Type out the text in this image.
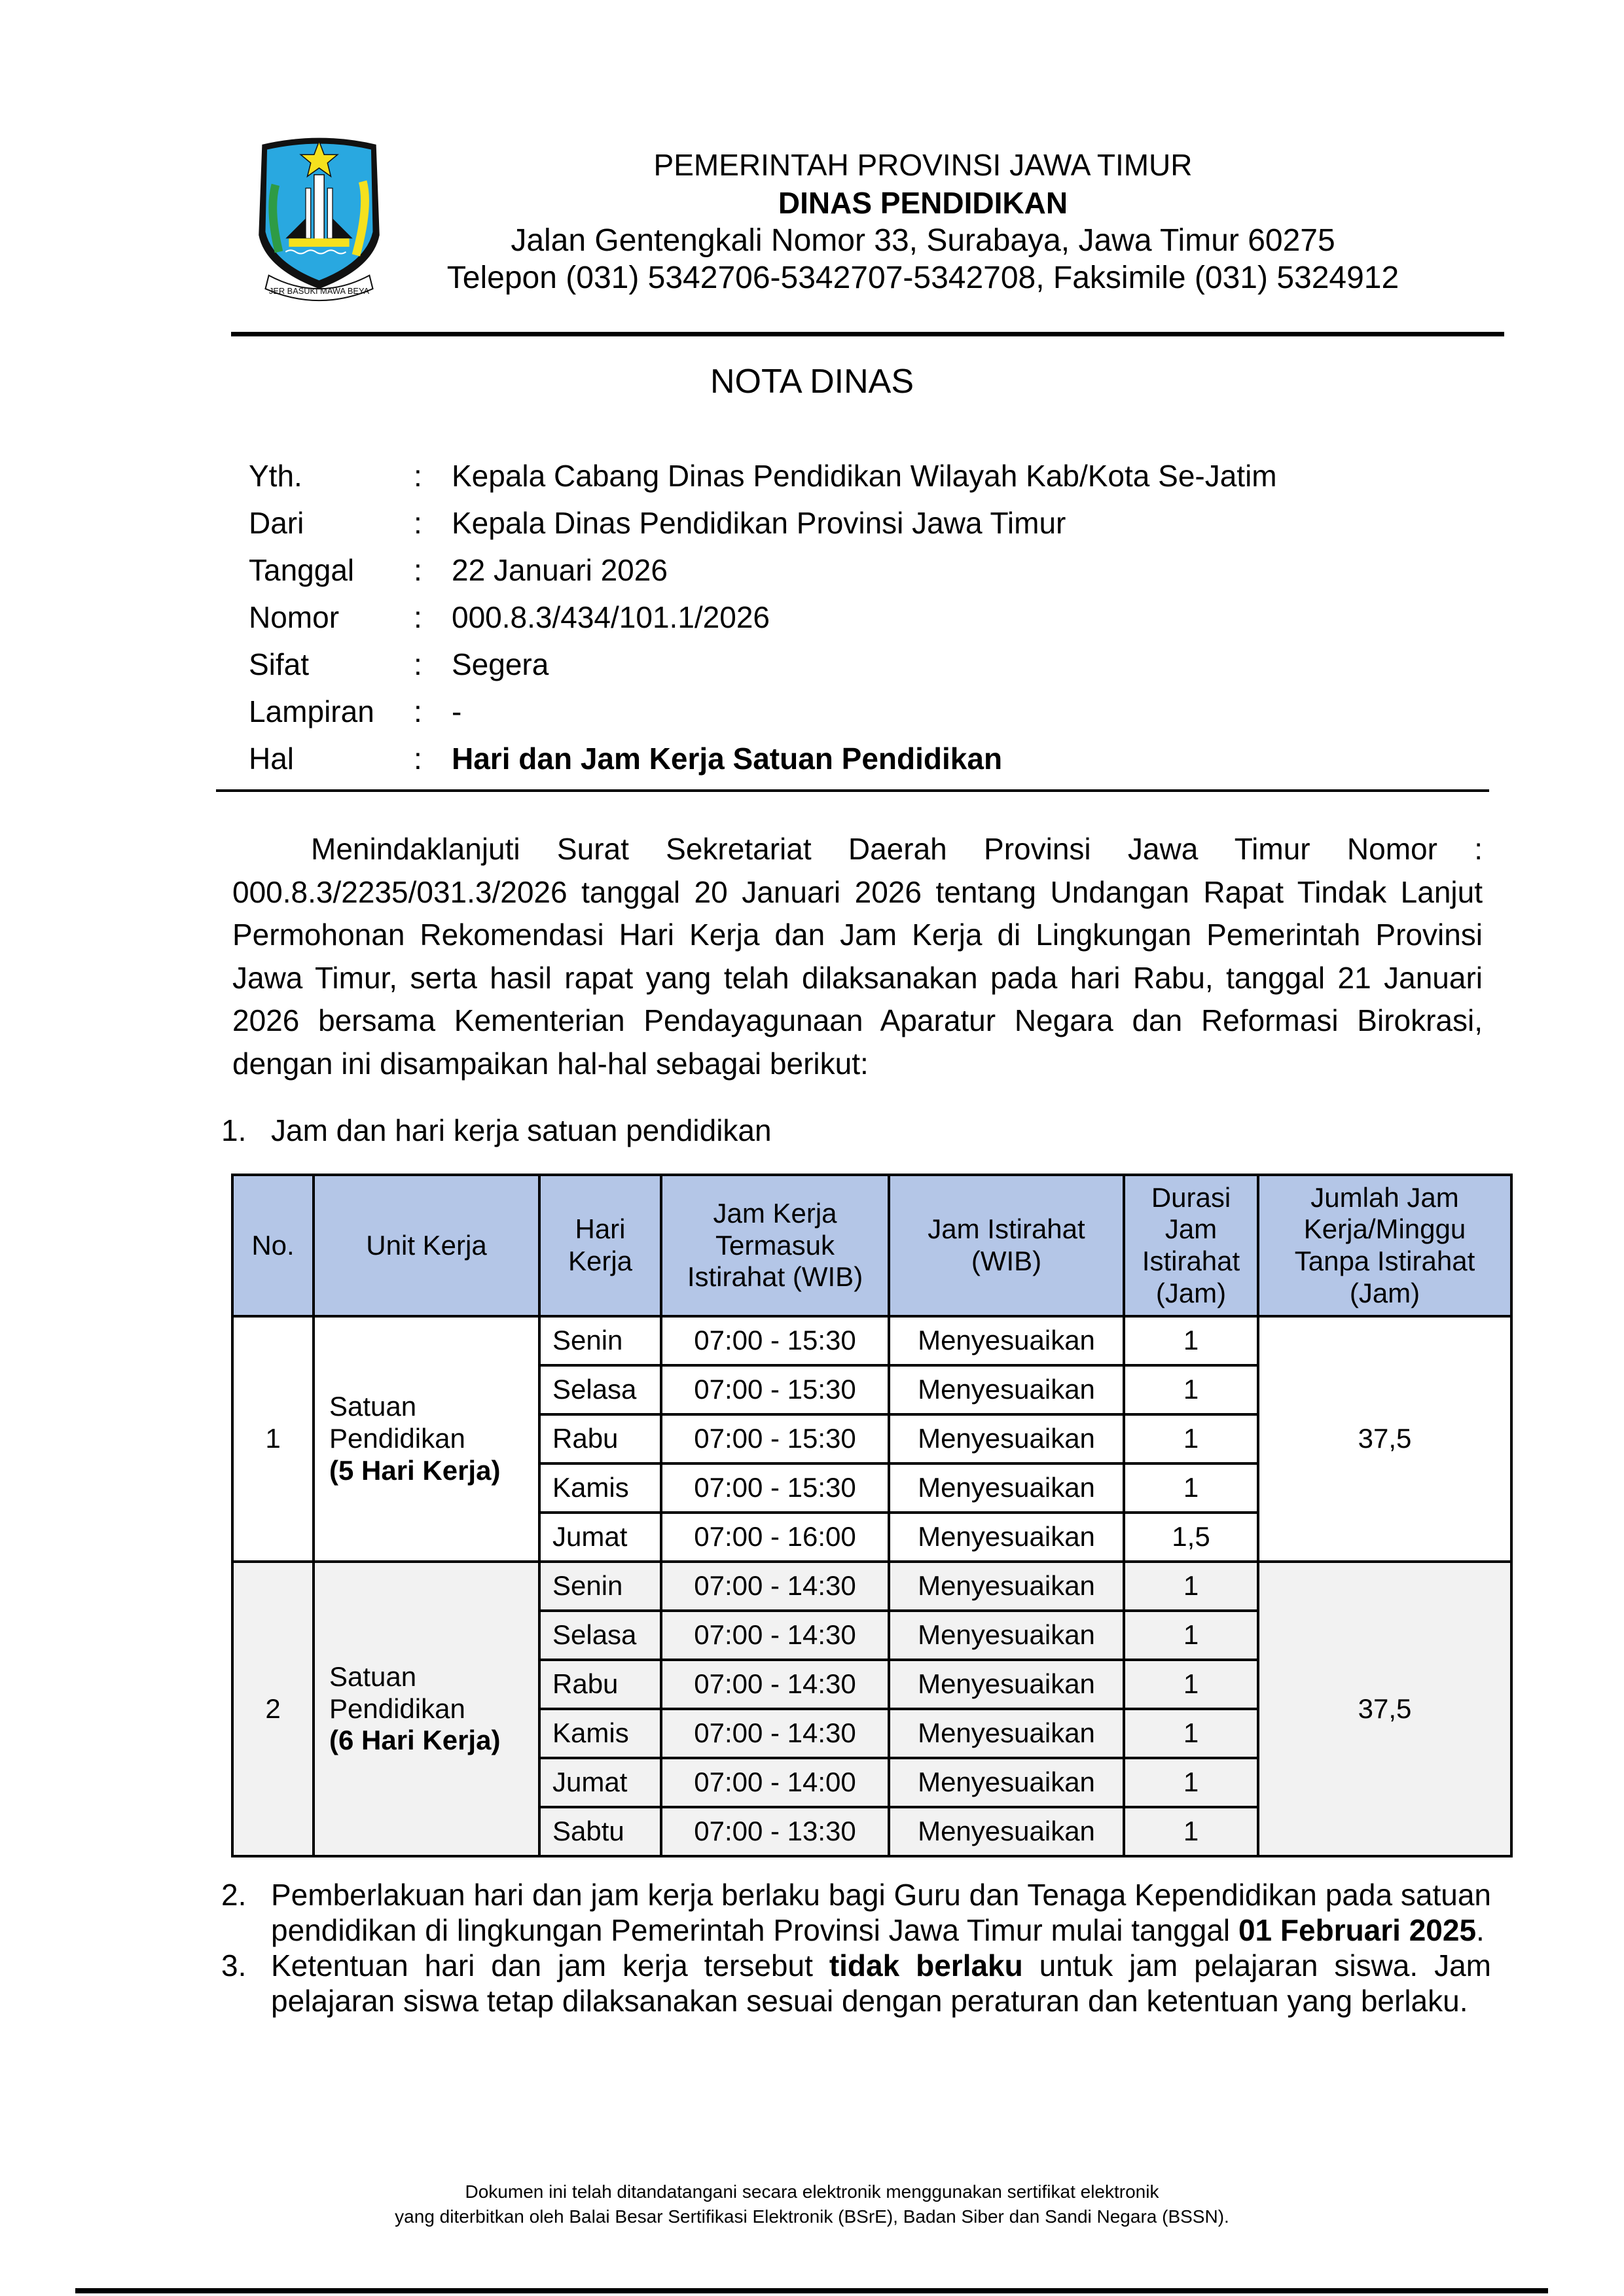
JER BASUKI MAWA BEYA
PEMERINTAH PROVINSI JAWA TIMUR
DINAS PENDIDIKAN
Jalan Gentengkali Nomor 33, Surabaya, Jawa Timur 60275
Telepon (031) 5342706-5342707-5342708, Faksimile (031) 5324912
NOTA DINAS
Yth.	: Kepala Cabang Dinas Pendidikan Wilayah Kab/Kota Se-Jatim
Dari	: Kepala Dinas Pendidikan Provinsi Jawa Timur
Tanggal	: 22 Januari 2026
Nomor	: 000.8.3/434/101.1/2026
Sifat	: Segera
Lampiran	: -
Hal	: Hari dan Jam Kerja Satuan Pendidikan
Menindaklanjuti Surat Sekretariat Daerah Provinsi Jawa Timur Nomor : 000.8.3/2235/031.3/2026 tanggal 20 Januari 2026 tentang Undangan Rapat Tindak Lanjut Permohonan Rekomendasi Hari Kerja dan Jam Kerja di Lingkungan Pemerintah Provinsi Jawa Timur, serta hasil rapat yang telah dilaksanakan pada hari Rabu, tanggal 21 Januari 2026 bersama Kementerian Pendayagunaan Aparatur Negara dan Reformasi Birokrasi, dengan ini disampaikan hal-hal sebagai berikut:
1. Jam dan hari kerja satuan pendidikan
No.	Unit Kerja	Hari Kerja	Jam Kerja Termasuk Istirahat (WIB)	Jam Istirahat (WIB)	Durasi Jam Istirahat (Jam)	Jumlah Jam Kerja/Minggu Tanpa Istirahat (Jam)

1	Satuan
Pendidikan
(5 Hari Kerja)	Senin	07:00 - 15:30	Menyesuaikan	1	37,5
		Selasa	07:00 - 15:30	Menyesuaikan	1	
		Rabu	07:00 - 15:30	Menyesuaikan	1	
		Kamis	07:00 - 15:30	Menyesuaikan	1	
		Jumat	07:00 - 16:00	Menyesuaikan	1,5	
2	Satuan
Pendidikan
(6 Hari Kerja)	Senin	07:00 - 14:30	Menyesuaikan	1	37,5
		Selasa	07:00 - 14:30	Menyesuaikan	1	
		Rabu	07:00 - 14:30	Menyesuaikan	1	
		Kamis	07:00 - 14:30	Menyesuaikan	1	
		Jumat	07:00 - 14:00	Menyesuaikan	1	
		Sabtu	07:00 - 13:30	Menyesuaikan	1	
2. Pemberlakuan hari dan jam kerja berlaku bagi Guru dan Tenaga Kependidikan pada satuan pendidikan di lingkungan Pemerintah Provinsi Jawa Timur mulai tanggal 01 Februari 2025.
3. Ketentuan hari dan jam kerja tersebut tidak berlaku untuk jam pelajaran siswa. Jam pelajaran siswa tetap dilaksanakan sesuai dengan peraturan dan ketentuan yang berlaku.
Dokumen ini telah ditandatangani secara elektronik menggunakan sertifikat elektronik
yang diterbitkan oleh Balai Besar Sertifikasi Elektronik (BSrE), Badan Siber dan Sandi Negara (BSSN).
